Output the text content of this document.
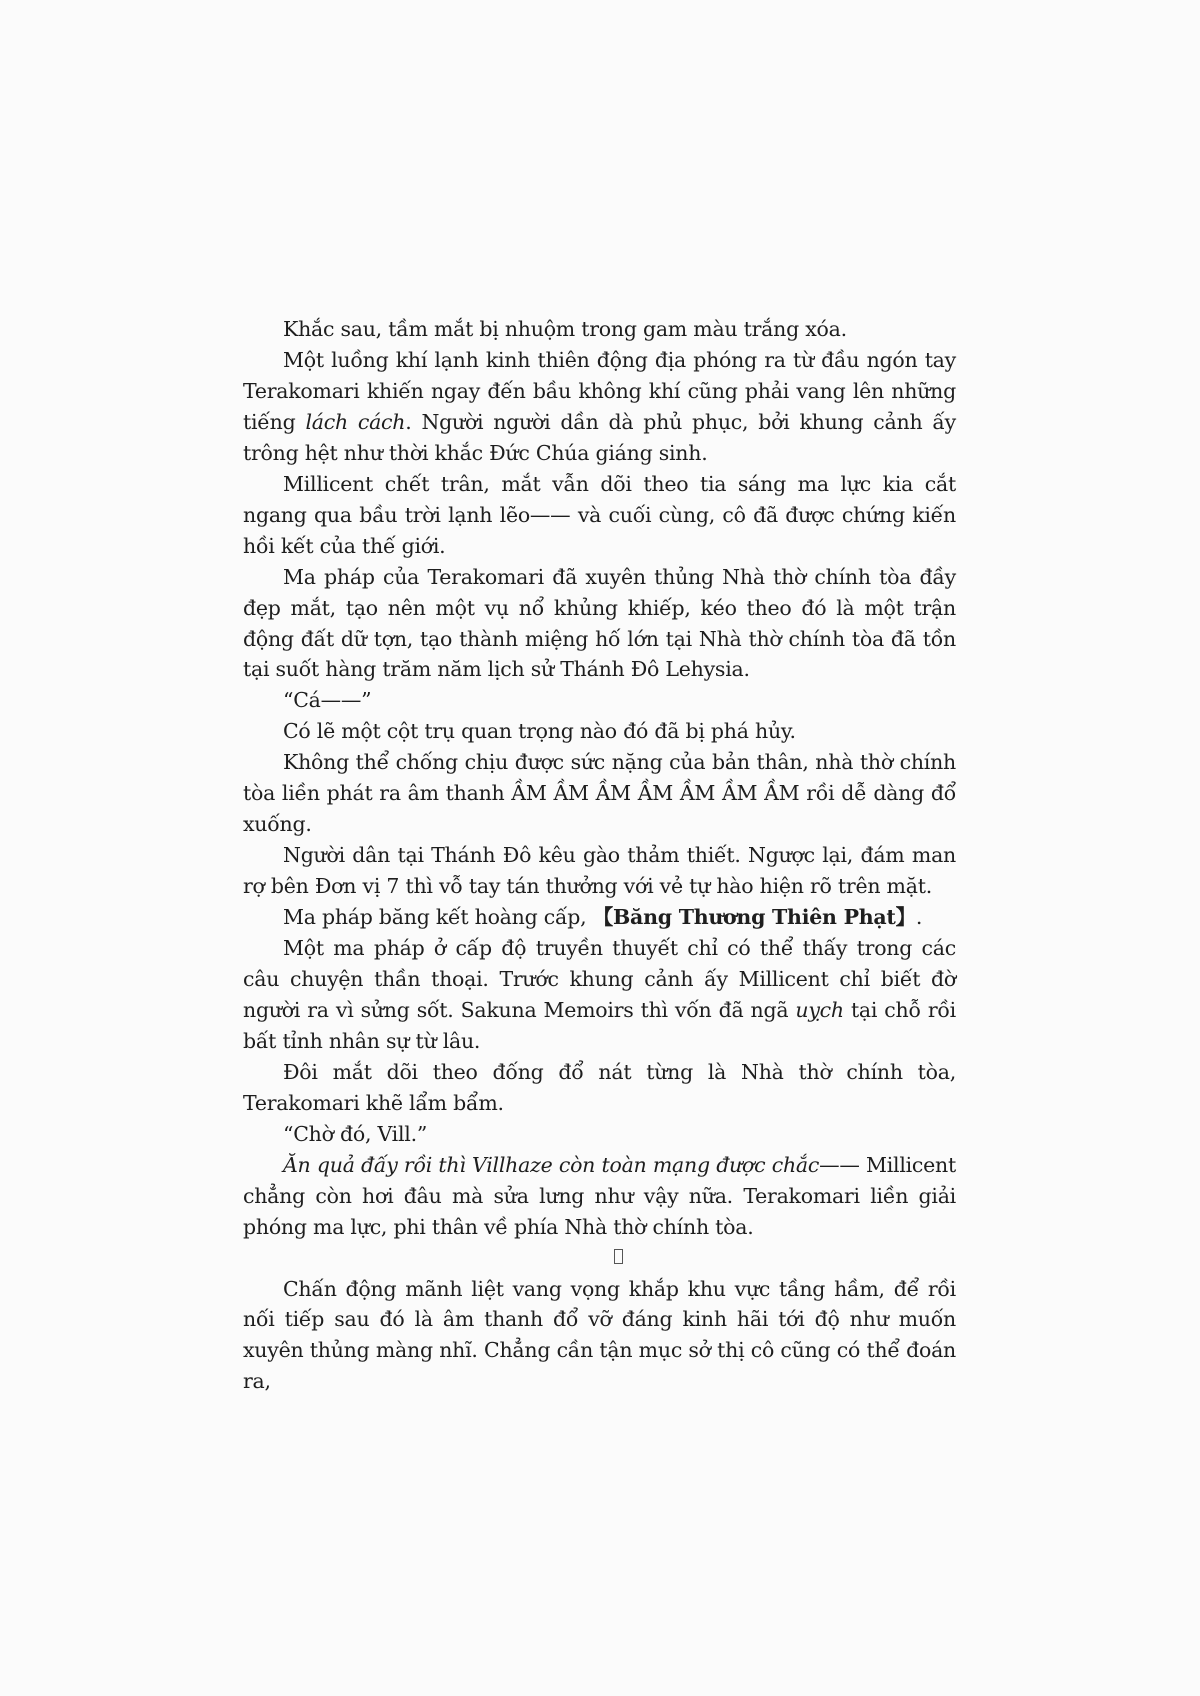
Khắc sau, tầm mắt bị nhuộm trong gam màu trắng xóa.

Một luồng khí lạnh kinh thiên động địa phóng ra từ đầu ngón tay Terakomari khiến ngay đến bầu không khí cũng phải vang lên những tiếng lách cách. Người người dần dà phủ phục, bởi khung cảnh ấy trông hệt như thời khắc Đức Chúa giáng sinh.

Millicent chết trân, mắt vẫn dõi theo tia sáng ma lực kia cắt ngang qua bầu trời lạnh lẽo—— và cuối cùng, cô đã được chứng kiến hồi kết của thế giới.

Ma pháp của Terakomari đã xuyên thủng Nhà thờ chính tòa đầy đẹp mắt, tạo nên một vụ nổ khủng khiếp, kéo theo đó là một trận động đất dữ tợn, tạo thành miệng hố lớn tại Nhà thờ chính tòa đã tồn tại suốt hàng trăm năm lịch sử Thánh Đô Lehysia.

“Cá——”

Có lẽ một cột trụ quan trọng nào đó đã bị phá hủy.

Không thể chống chịu được sức nặng của bản thân, nhà thờ chính tòa liền phát ra âm thanh ẦM ẦM ẦM ẦM ẦM ẦM ẦM rồi dễ dàng đổ xuống.

Người dân tại Thánh Đô kêu gào thảm thiết. Ngược lại, đám man rợ bên Đơn vị 7 thì vỗ tay tán thưởng với vẻ tự hào hiện rõ trên mặt.

Ma pháp băng kết hoàng cấp, 【Băng Thương Thiên Phạt】.

Một ma pháp ở cấp độ truyền thuyết chỉ có thể thấy trong các câu chuyện thần thoại. Trước khung cảnh ấy Millicent chỉ biết đờ người ra vì sửng sốt. Sakuna Memoirs thì vốn đã ngã uỵch tại chỗ rồi bất tỉnh nhân sự từ lâu.

Đôi mắt dõi theo đống đổ nát từng là Nhà thờ chính tòa, Terakomari khẽ lẩm bẩm.

“Chờ đó, Vill.”

Ăn quả đấy rồi thì Villhaze còn toàn mạng được chắc—— Millicent chẳng còn hơi đâu mà sửa lưng như vậy nữa. Terakomari liền giải phóng ma lực, phi thân về phía Nhà thờ chính tòa.

Chấn động mãnh liệt vang vọng khắp khu vực tầng hầm, để rồi nối tiếp sau đó là âm thanh đổ vỡ đáng kinh hãi tới độ như muốn xuyên thủng màng nhĩ. Chẳng cần tận mục sở thị cô cũng có thể đoán ra,
